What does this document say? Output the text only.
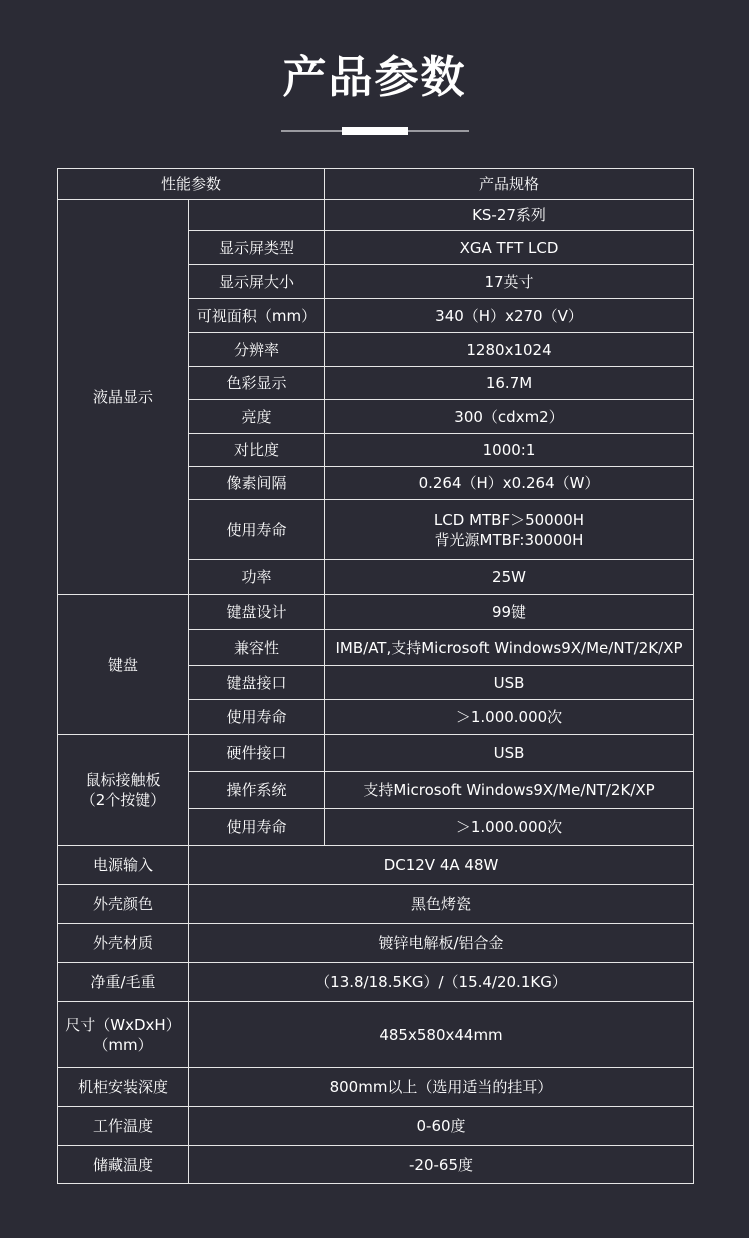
产品参数
性能参数		产品规格
液晶显示		KS-27系列
	显示屏类型	XGA TFT LCD
	显示屏大小	17英寸
	可视面积（mm）	340（H）x270（V）
	分辨率	1280x1024
	色彩显示	16.7M
	亮度	300（cdxm2）
	对比度	1000:1
	像素间隔	0.264（H）x0.264（W）
	使用寿命	LCD MTBF＞50000H
背光源MTBF:30000H

	功率	25W
键盘	键盘设计	99键
	兼容性	IMB/AT,支持Microsoft Windows9X/Me/NT/2K/XP
	键盘接口	USB
	使用寿命	＞1.000.000次

鼠标接触板
（2个按键）	硬件接口	USB
	操作系统	支持Microsoft Windows9X/Me/NT/2K/XP
	使用寿命	＞1.000.000次
电源输入	DC12V 4A 48W	
外壳颜色	黑色烤瓷	
外壳材质	镀锌电解板/铝合金	
净重/毛重	（13.8/18.5KG）/（15.4/20.1KG）	

尺寸（WxDxH）
（mm）	485x580x44mm	
机柜安装深度	800mm以上（选用适当的挂耳）	
工作温度	0-60度	
储藏温度	-20-65度	
